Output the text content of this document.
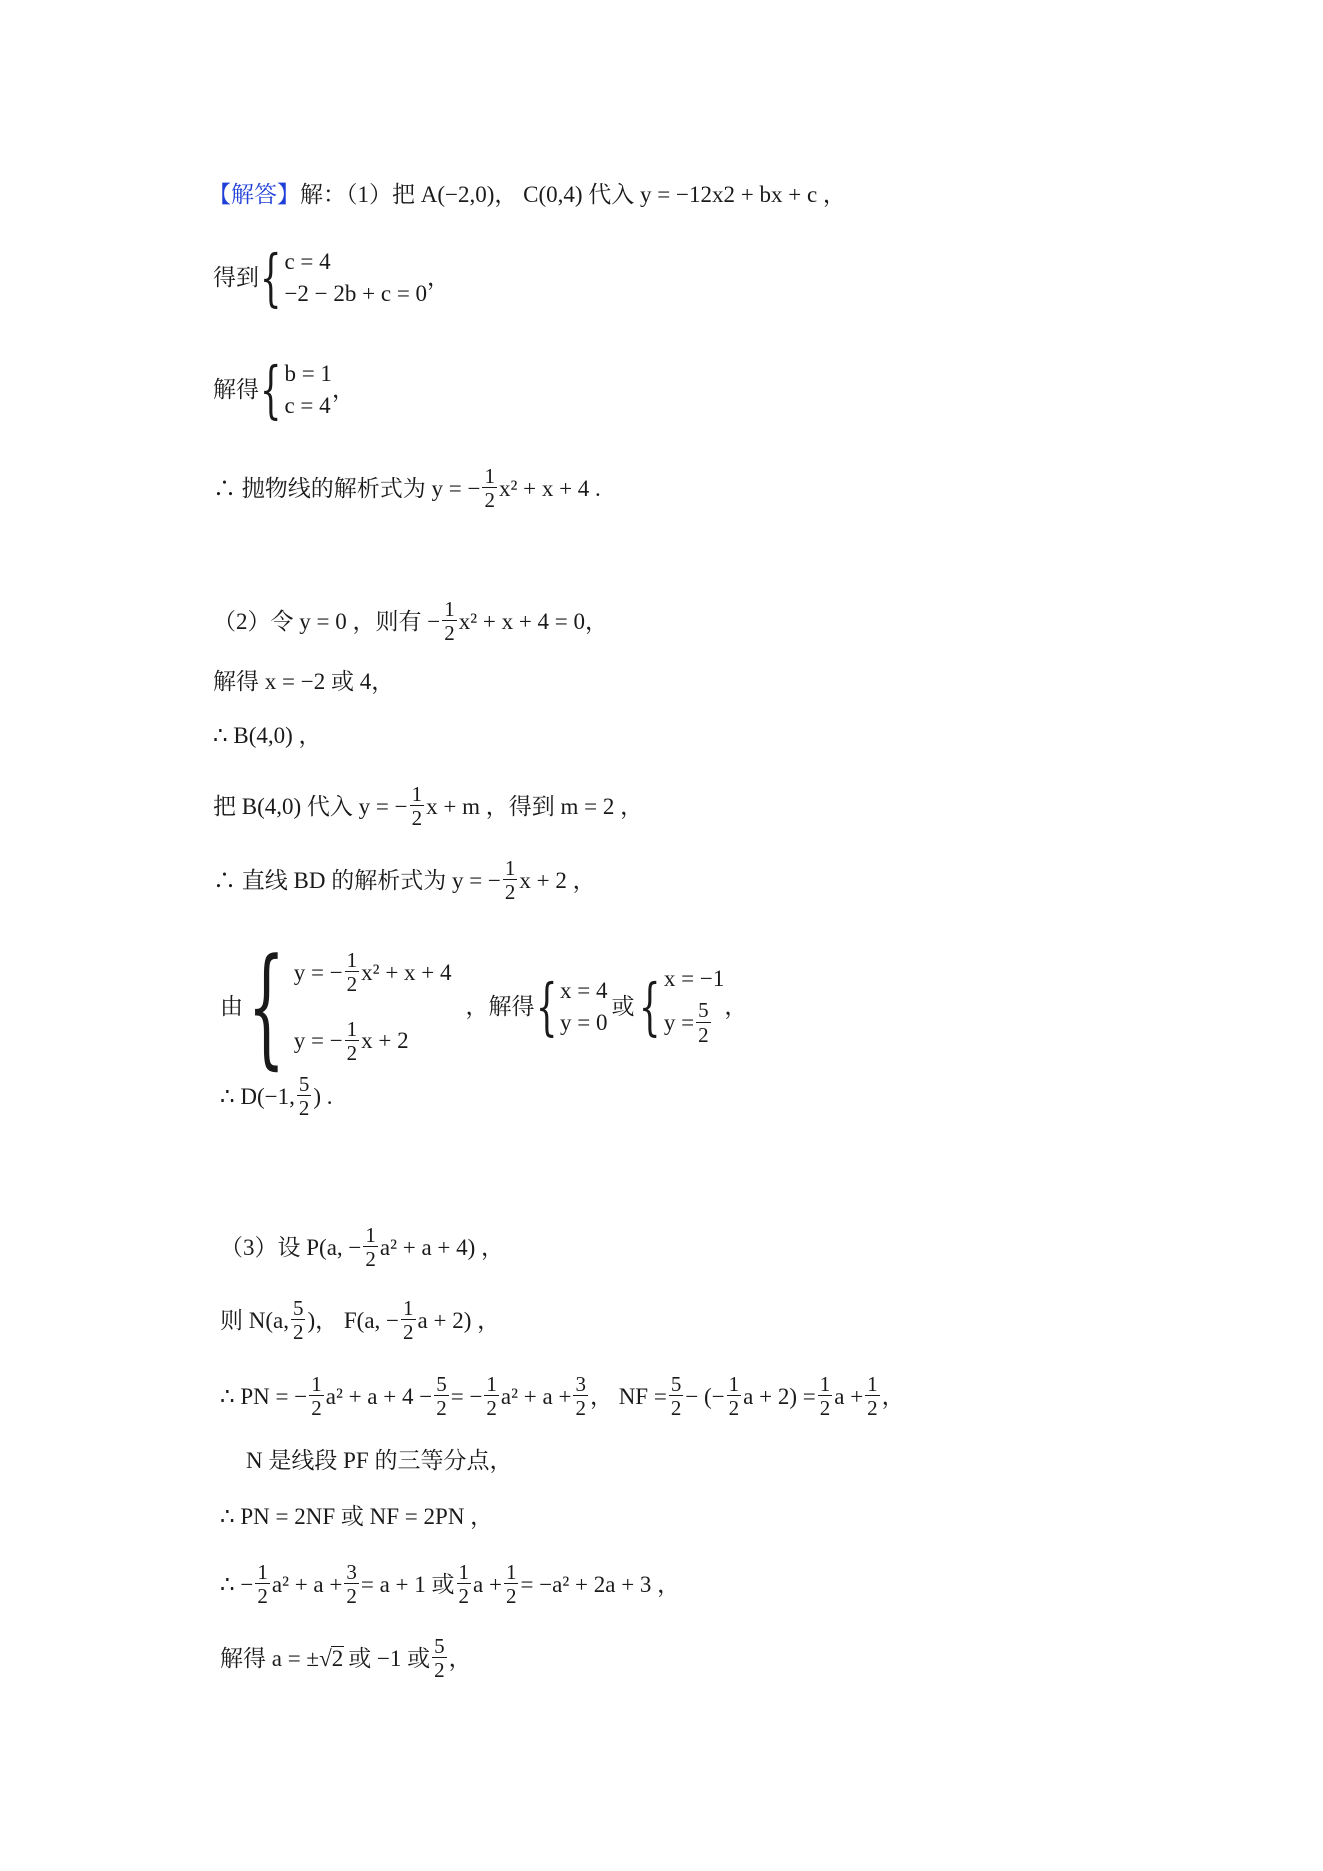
【解答】 解：（1）把 A(−2,0)， C(0,4) 代入 y = −12x2 + bx + c ，
得到 { c = 4
−2 − 2b + c = 0
，
解得 { b = 1
c = 4
，
∴ 抛物线的解析式为 y = − $\frac{1}{2} x^2 + x + 4$ .
（2）令 y = 0 ，则有 − $\frac{1}{2} x^2 + x + 4 = 0$，
解得 x = −2 或 4，
∴ B(4,0) ，
把 B(4,0) 代入 y = − $\frac{1}{2}$ x + m ，得到 m = 2 ，
∴ 直线 BD 的解析式为 y = − $\frac{1}{2}$ x + 2 ，
由 { y = − $\frac{1}{2} x^2 + x + 4$
y = − $\frac{1}{2}$ x + 2
，解得 { x = 4
y = 0
或 { x = −1
$y = \frac{5}{2}$ ，
∴ D(−1, $\frac{5}{2}$ ) .
（3）设 P(a, − $\frac{1}{2} a^2 + a + 4$) ，
则 N(a, $\frac{5}{2}$ )， F(a, − $\frac{1}{2}$ a + 2) ，
∴ PN = − $\frac{1}{2} a^2 + a + 4 - \frac{5}{2}$ = − $\frac{1}{2} a^2 + a + \frac{3}{2}$ ， NF = $\frac{5}{2}$ − (− $\frac{1}{2}$ $a + 2) = \frac{1}{2}$ $a + \frac{1}{2}$ ，
N 是线段 PF 的三等分点，
∴ PN = 2NF 或 NF = 2PN ，
∴ − $\frac{1}{2} a^2 + a + \frac{3}{2} = a + 1$ 或 $\frac{1}{2}$ $a + \frac{1}{2} = -a^2 + 2a + 3$ ，
解得 a = ± √ 2 或 −1 或 $\frac{5}{2}$ ，
